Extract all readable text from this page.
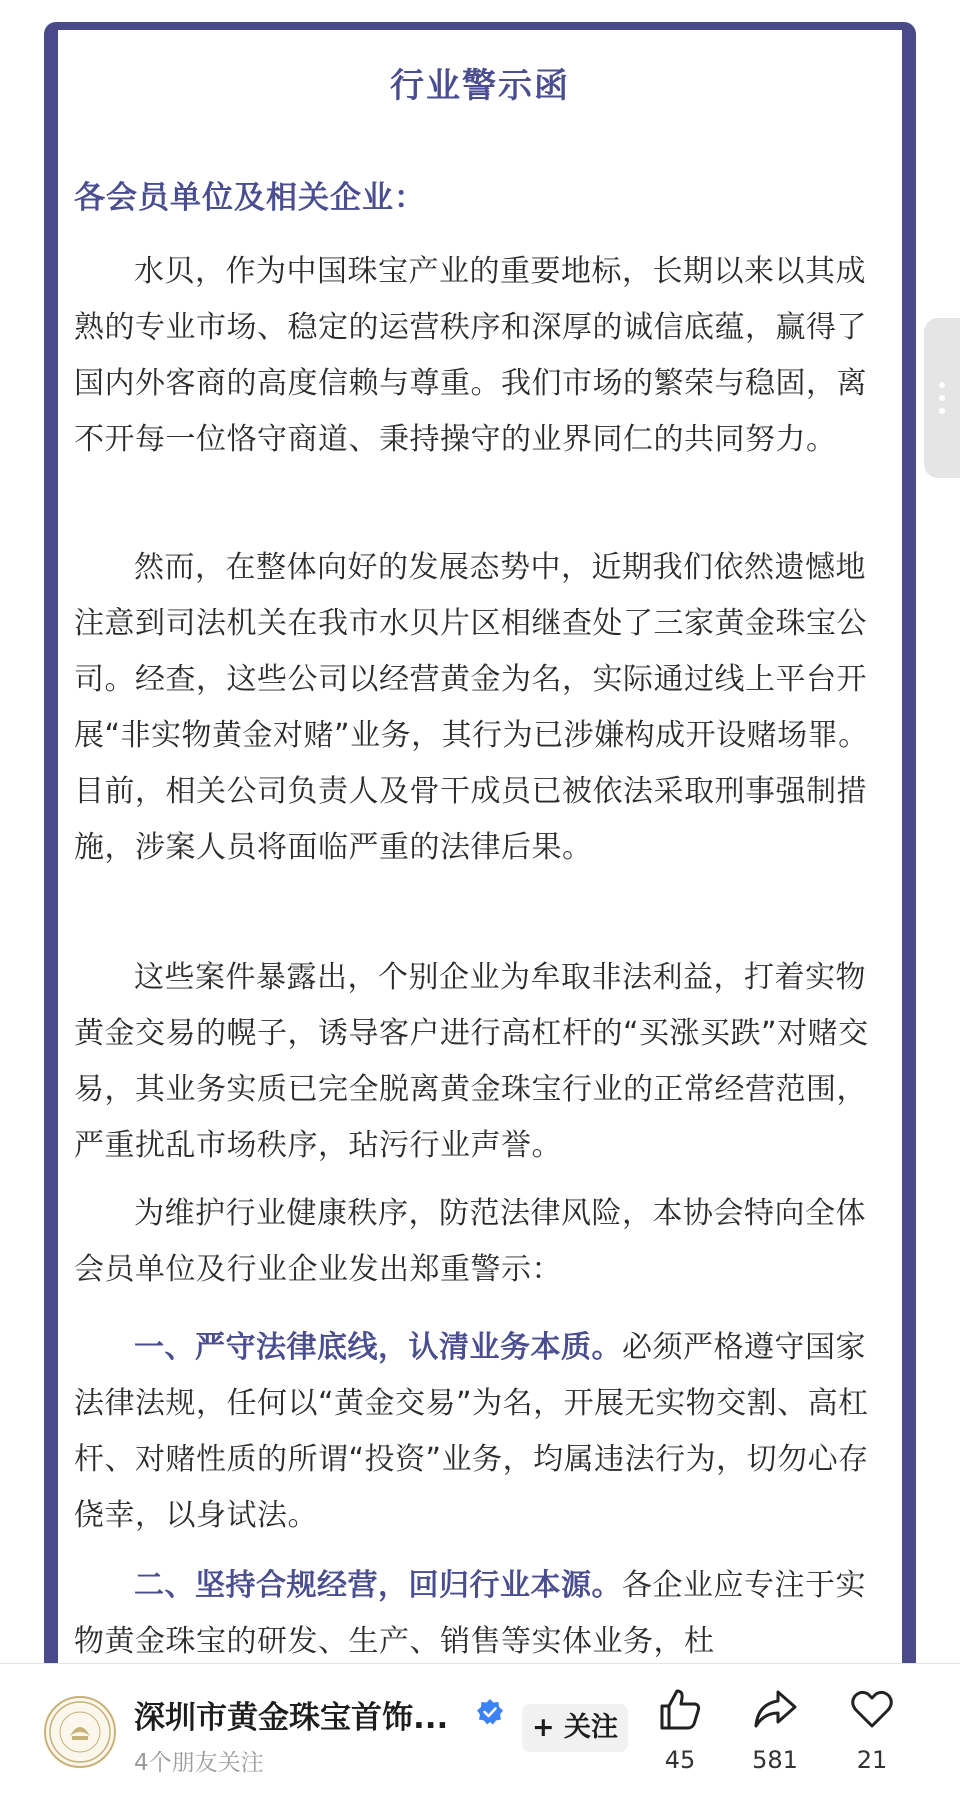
行业警示函
各会员单位及相关企业：
水贝，作为中国珠宝产业的重要地标，长期以来以其成熟的专业市场、稳定的运营秩序和深厚的诚信底蕴，赢得了国内外客商的高度信赖与尊重。我们市场的繁荣与稳固，离不开每一位恪守商道、秉持操守的业界同仁的共同努力。
然而，在整体向好的发展态势中，近期我们依然遗憾地注意到司法机关在我市水贝片区相继查处了三家黄金珠宝公司。经查，这些公司以经营黄金为名，实际通过线上平台开展“非实物黄金对赌”业务，其行为已涉嫌构成开设赌场罪。目前，相关公司负责人及骨干成员已被依法采取刑事强制措施，涉案人员将面临严重的法律后果。
这些案件暴露出，个别企业为牟取非法利益，打着实物黄金交易的幌子，诱导客户进行高杠杆的“买涨买跌”对赌交易，其业务实质已完全脱离黄金珠宝行业的正常经营范围，严重扰乱市场秩序，玷污行业声誉。
为维护行业健康秩序，防范法律风险，本协会特向全体会员单位及行业企业发出郑重警示：
一、严守法律底线，认清业务本质。必须严格遵守国家法律法规，任何以“黄金交易”为名，开展无实物交割、高杠杆、对赌性质的所谓“投资”业务，均属违法行为，切勿心存侥幸，以身试法。
二、坚持合规经营，回归行业本源。各企业应专注于实物黄金珠宝的研发、生产、销售等实体业务，杜
深圳市黄金珠宝首饰...
4个朋友关注
+ 关注
45	581	21
